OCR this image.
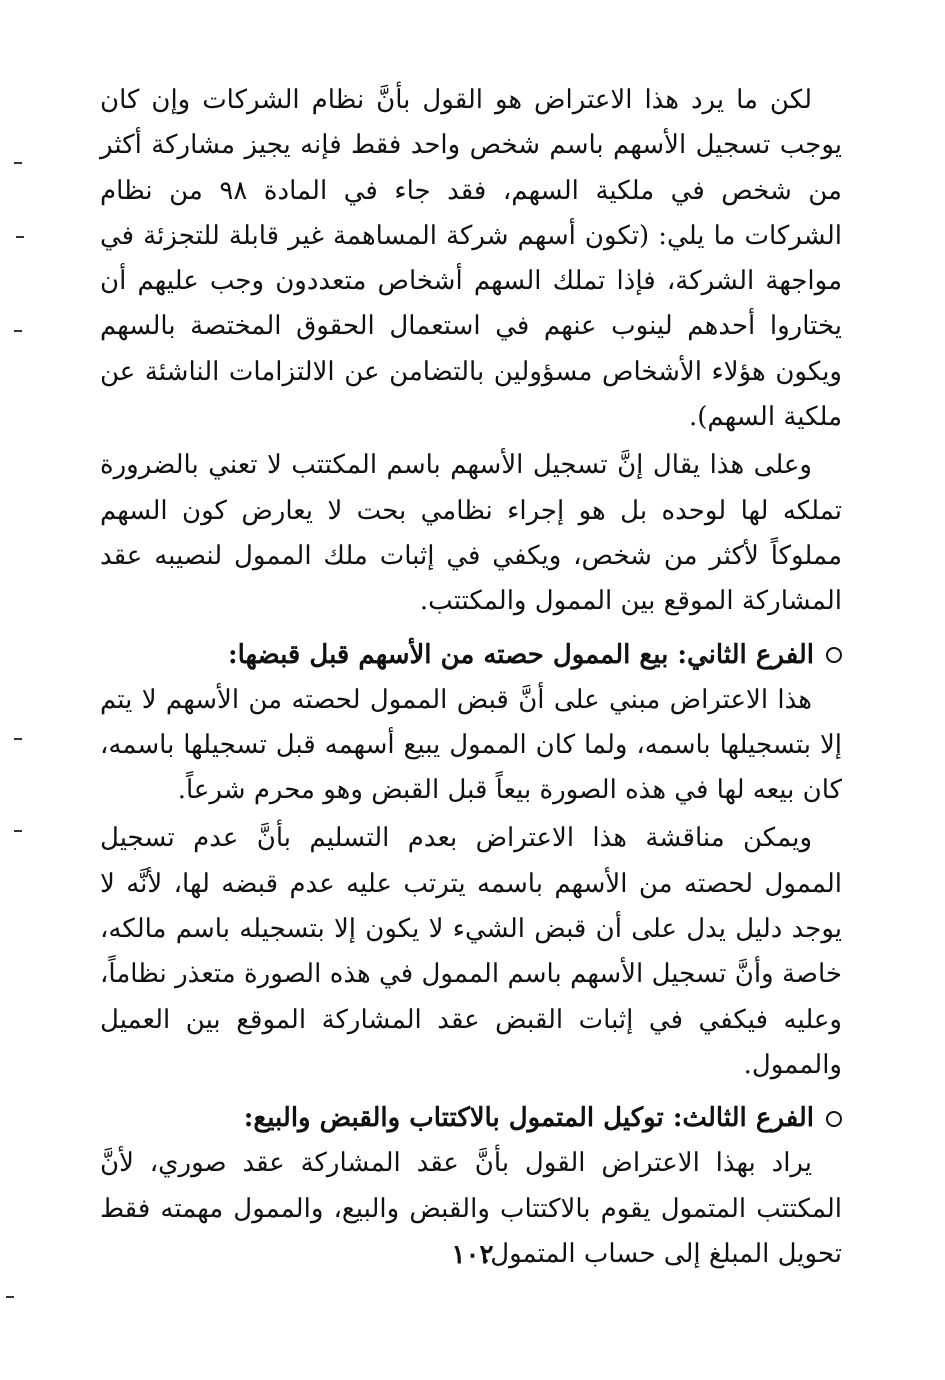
لكن ما يرد هذا الاعتراض هو القول بأنَّ نظام الشركات وإن كان يوجب تسجيل الأسهم باسم شخص واحد فقط فإنه يجيز مشاركة أكثر من شخص في ملكية السهم، فقد جاء في المادة ٩٨ من نظام الشركات ما يلي: (تكون أسهم شركة المساهمة غير قابلة للتجزئة في مواجهة الشركة، فإذا تملك السهم أشخاص متعددون وجب عليهم أن يختاروا أحدهم لينوب عنهم في استعمال الحقوق المختصة بالسهم ويكون هؤلاء الأشخاص مسؤولين بالتضامن عن الالتزامات الناشئة عن ملكية السهم).

وعلى هذا يقال إنَّ تسجيل الأسهم باسم المكتتب لا تعني بالضرورة تملكه لها لوحده بل هو إجراء نظامي بحت لا يعارض كون السهم مملوكاً لأكثر من شخص، ويكفي في إثبات ملك الممول لنصيبه عقد المشاركة الموقع بين الممول والمكتتب.

الفرع الثاني: بيع الممول حصته من الأسهم قبل قبضها:

هذا الاعتراض مبني على أنَّ قبض الممول لحصته من الأسهم لا يتم إلا بتسجيلها باسمه، ولما كان الممول يبيع أسهمه قبل تسجيلها باسمه، كان بيعه لها في هذه الصورة بيعاً قبل القبض وهو محرم شرعاً.

ويمكن مناقشة هذا الاعتراض بعدم التسليم بأنَّ عدم تسجيل الممول لحصته من الأسهم باسمه يترتب عليه عدم قبضه لها، لأنَّه لا يوجد دليل يدل على أن قبض الشيء لا يكون إلا بتسجيله باسم مالكه، خاصة وأنَّ تسجيل الأسهم باسم الممول في هذه الصورة متعذر نظاماً، وعليه فيكفي في إثبات القبض عقد المشاركة الموقع بين العميل والممول.

الفرع الثالث: توكيل المتمول بالاكتتاب والقبض والبيع:

يراد بهذا الاعتراض القول بأنَّ عقد المشاركة عقد صوري، لأنَّ المكتتب المتمول يقوم بالاكتتاب والقبض والبيع، والممول مهمته فقط تحويل المبلغ إلى حساب المتمول.

١٠٢
